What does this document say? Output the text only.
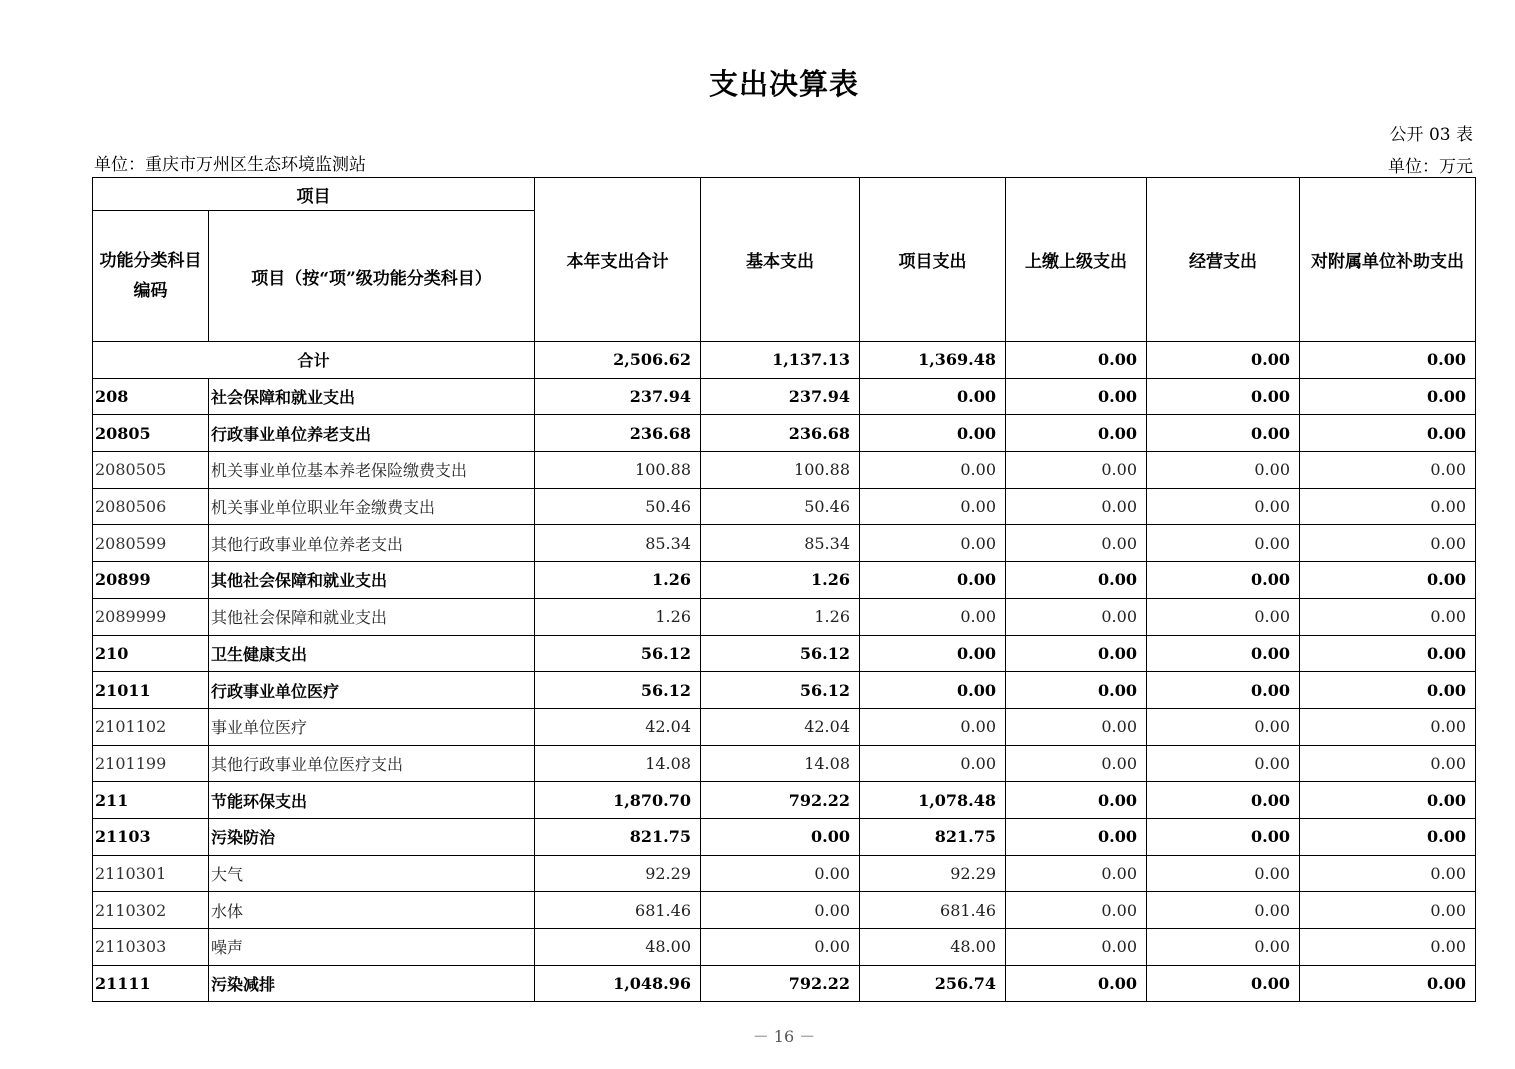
支出决算表
公开 03 表
单位：重庆市万州区生态环境监测站	单位：万元
项目		本年支出合计	基本支出	项目支出	上缴上级支出	经营支出	对附属单位补助支出
功能分类科目编码	项目（按“项”级功能分类科目）						
合计		2,506.62	1,137.13	1,369.48	0.00	0.00	0.00
208	社会保障和就业支出	237.94	237.94	0.00	0.00	0.00	0.00
20805	行政事业单位养老支出	236.68	236.68	0.00	0.00	0.00	0.00
2080505	机关事业单位基本养老保险缴费支出	100.88	100.88	0.00	0.00	0.00	0.00
2080506	机关事业单位职业年金缴费支出	50.46	50.46	0.00	0.00	0.00	0.00
2080599	其他行政事业单位养老支出	85.34	85.34	0.00	0.00	0.00	0.00
20899	其他社会保障和就业支出	1.26	1.26	0.00	0.00	0.00	0.00
2089999	其他社会保障和就业支出	1.26	1.26	0.00	0.00	0.00	0.00
210	卫生健康支出	56.12	56.12	0.00	0.00	0.00	0.00
21011	行政事业单位医疗	56.12	56.12	0.00	0.00	0.00	0.00
2101102	事业单位医疗	42.04	42.04	0.00	0.00	0.00	0.00
2101199	其他行政事业单位医疗支出	14.08	14.08	0.00	0.00	0.00	0.00
211	节能环保支出	1,870.70	792.22	1,078.48	0.00	0.00	0.00
21103	污染防治	821.75	0.00	821.75	0.00	0.00	0.00
2110301	大气	92.29	0.00	92.29	0.00	0.00	0.00
2110302	水体	681.46	0.00	681.46	0.00	0.00	0.00
2110303	噪声	48.00	0.00	48.00	0.00	0.00	0.00
21111	污染减排	1,048.96	792.22	256.74	0.00	0.00	0.00
－ 16 －
